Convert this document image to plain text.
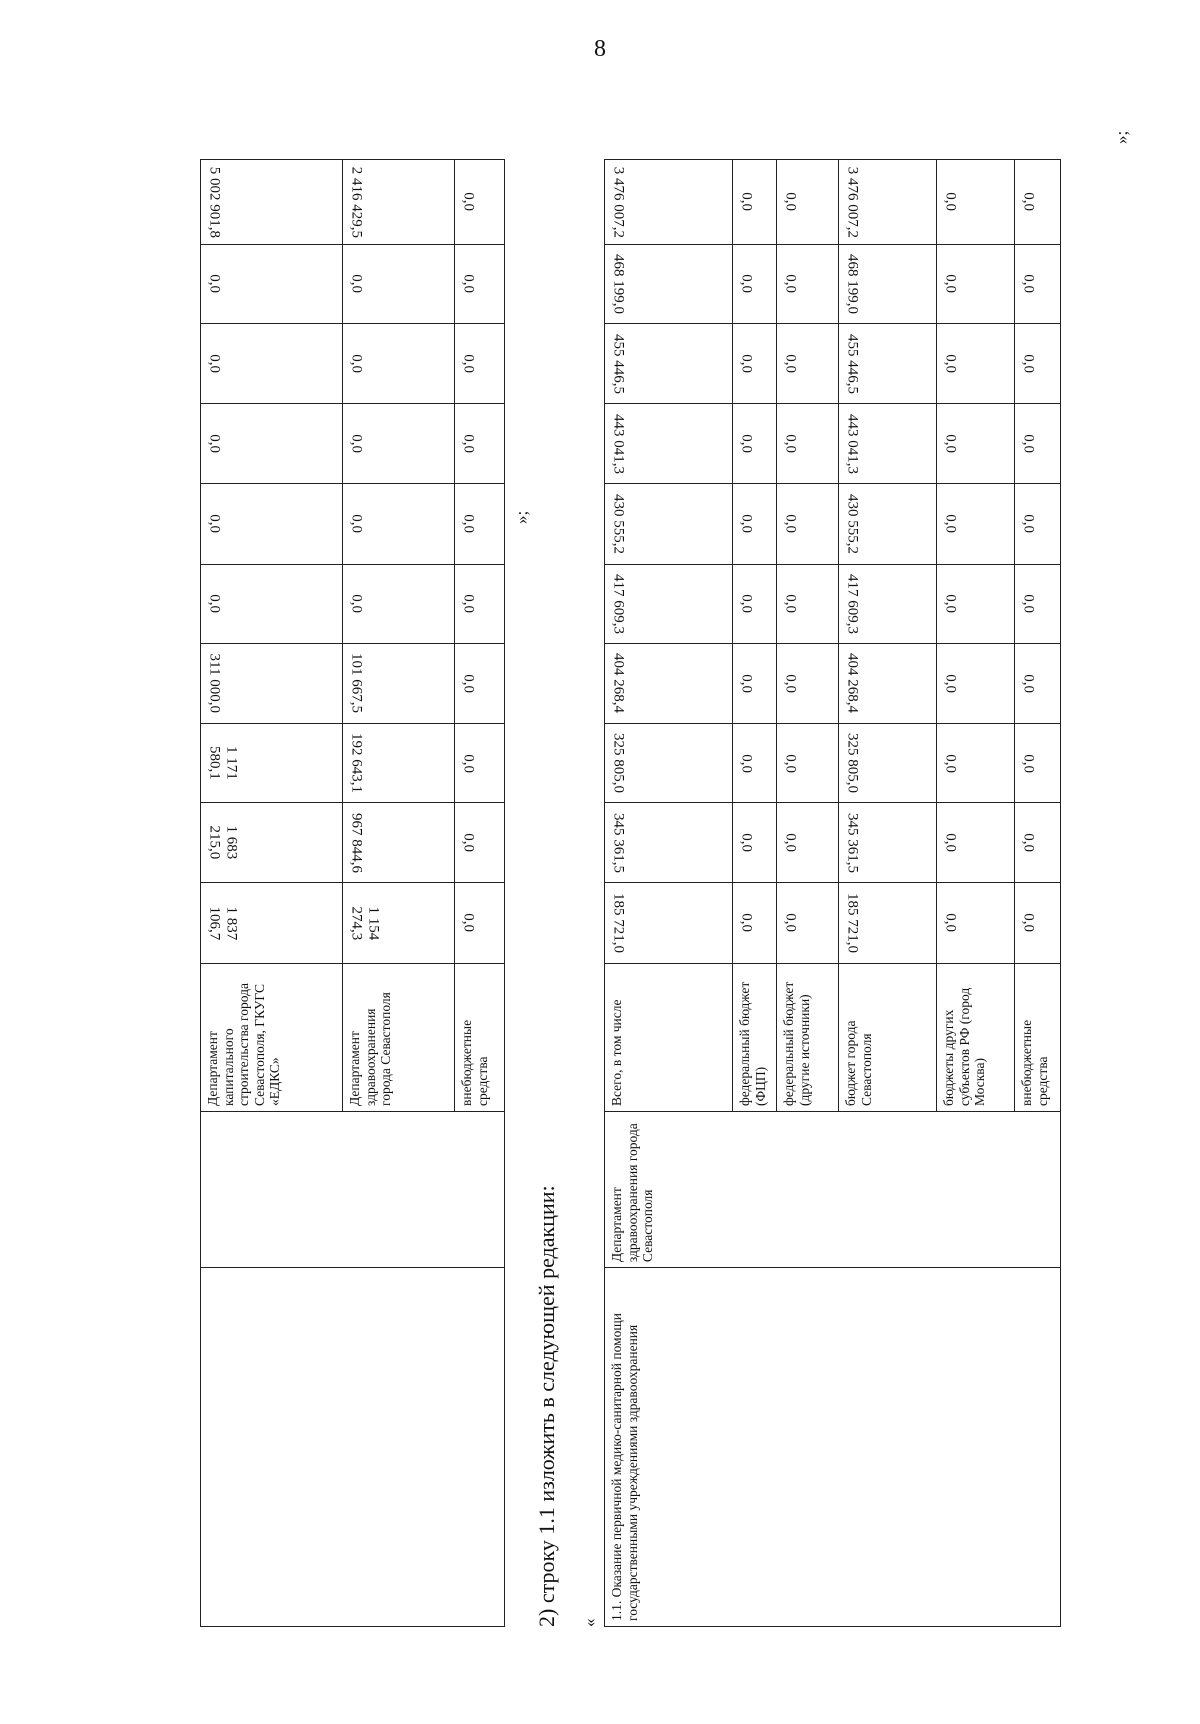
8
		Департамент капитального строительства города Севастополя, ГКУГС «ЕДКС»	1 837 106,7	1 683 215,0	1 171 580,1	311 000,0	0,0	0,0	0,0	0,0	0,0	5 002 901,8
		Департамент здравоохранения города Севастополя	1 154 274,3	967 844,6	192 643,1	101 667,5	0,0	0,0	0,0	0,0	0,0	2 416 429,5
		внебюджетные средства	0,0	0,0	0,0	0,0	0,0	0,0	0,0	0,0	0,0	0,0
»;
2) строку 1.1 изложить в следующей редакции: «
1.1. Оказание первичной медико-санитарной помощи государственными учреждениями здравоохранения	Департамент здравоохранения города Севастополя	Всего, в том числе	185 721,0	345 361,5	325 805,0	404 268,4	417 609,3	430 555,2	443 041,3	455 446,5	468 199,0	3 476 007,2
		федеральный бюджет (ФЦП)	0,0	0,0	0,0	0,0	0,0	0,0	0,0	0,0	0,0	0,0
		федеральный бюджет (другие источники)	0,0	0,0	0,0	0,0	0,0	0,0	0,0	0,0	0,0	0,0
		бюджет города Севастополя	185 721,0	345 361,5	325 805,0	404 268,4	417 609,3	430 555,2	443 041,3	455 446,5	468 199,0	3 476 007,2
		бюджеты других субъектов РФ (город Москва)	0,0	0,0	0,0	0,0	0,0	0,0	0,0	0,0	0,0	0,0
		внебюджетные средства	0,0	0,0	0,0	0,0	0,0	0,0	0,0	0,0	0,0	0,0
»;
